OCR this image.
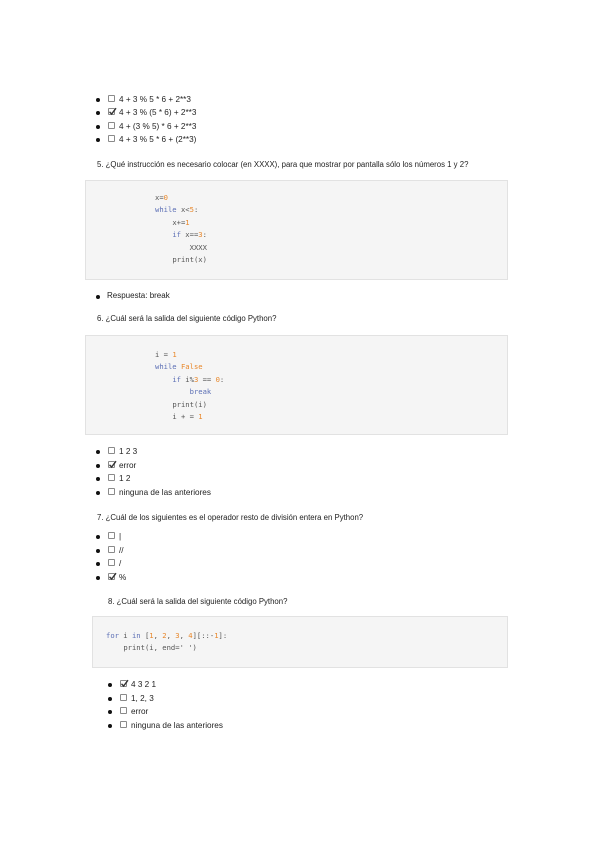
4 + 3 % 5 * 6 + 2**3
4 + 3 % (5 * 6) + 2**3
4 + (3 % 5) * 6 + 2**3
4 + 3 % 5 * 6 + (2**3)
5. ¿Qué instrucción es necesario colocar (en XXXX), para que mostrar por pantalla sólo los números 1 y 2?
x=0
while x<5:
x+=1
if x==3:
XXXX
print(x)
Respuesta: break
6. ¿Cuál será la salida del siguiente código Python?
i = 1
while False
if i%3 == 0:
break
print(i)
i + = 1
1 2 3
error
1 2
ninguna de las anteriores
7. ¿Cuál de los siguientes es el operador resto de división entera en Python?
|
//
/
%
8. ¿Cuál será la salida del siguiente código Python?
for i in [1, 2, 3, 4][::-1]:
print(i, end=' ')
4 3 2 1
1, 2, 3
error
ninguna de las anteriores
